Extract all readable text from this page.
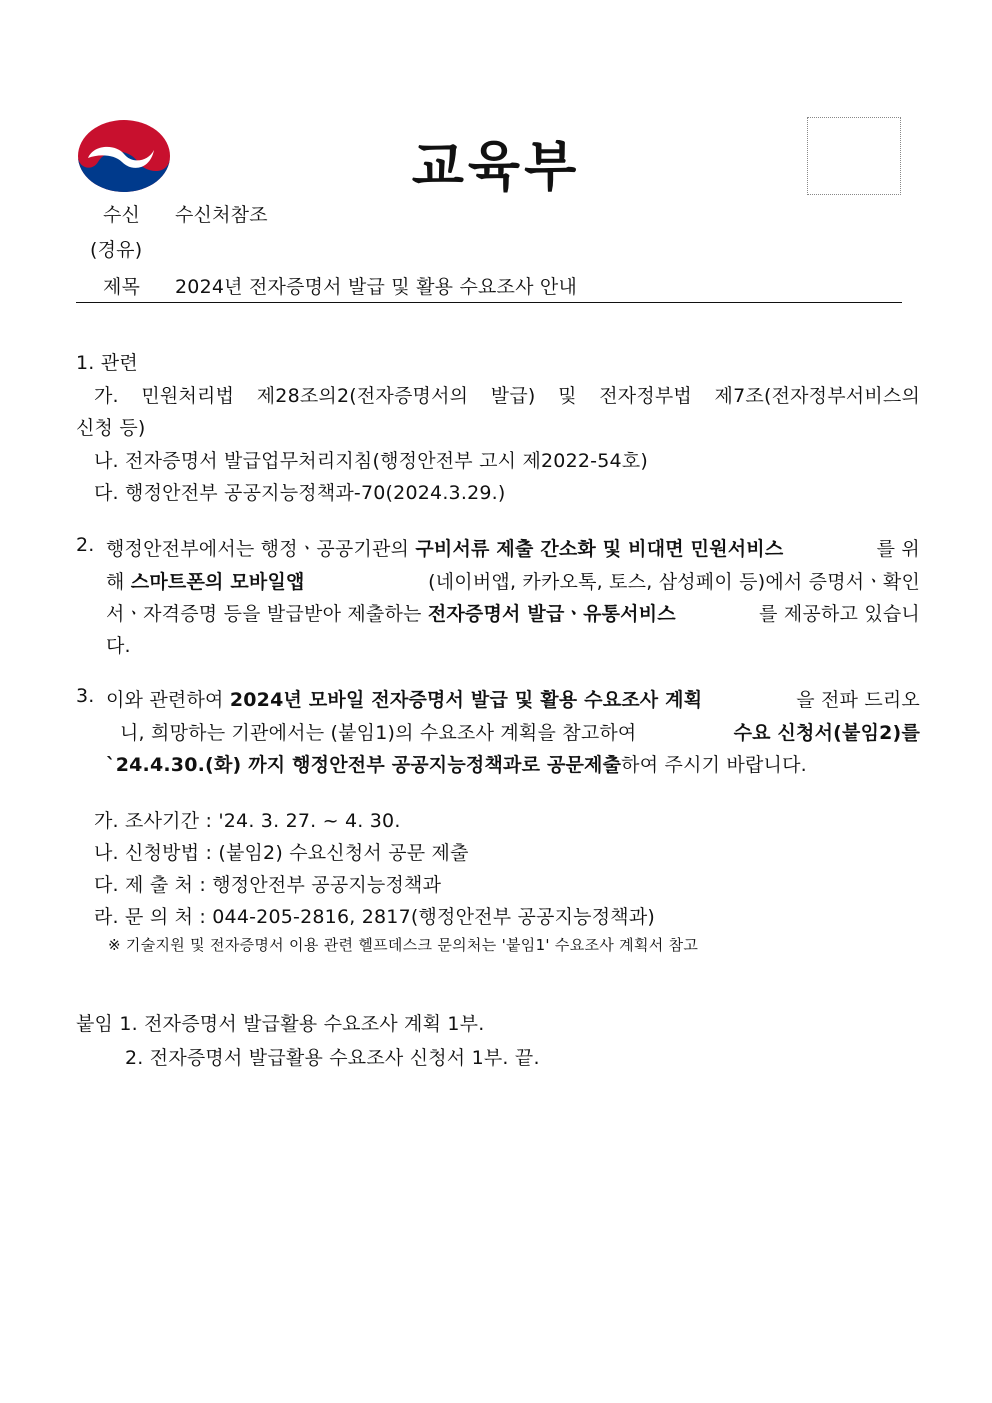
교육부
수신 수신처참조
(경유)
제목 2024년 전자증명서 발급 및 활용 수요조사 안내
1. 관련
가. 민원처리법 제28조의2(전자증명서의 발급) 및 전자정부법 제7조(전자정부서비스의
신청 등)
나. 전자증명서 발급업무처리지침(행정안전부 고시 제2022-54호)
다. 행정안전부 공공지능정책과-70(2024.3.29.)
2. 행정안전부에서는 행정ㆍ공공기관의 구비서류 제출 간소화 및 비대면 민원서비스	를 위
해 스마트폰의 모바일앱	(네이버앱, 카카오톡, 토스, 삼성페이 등)에서 증명서ㆍ확인
서ㆍ자격증명 등을 발급받아 제출하는 전자증명서 발급ㆍ유통서비스	를 제공하고 있습니
다.
3. 이와 관련하여 2024년 모바일 전자증명서 발급 및 활용 수요조사 계획	을 전파 드리오
니, 희망하는 기관에서는 (붙임1)의 수요조사 계획을 참고하여	수요 신청서(붙임2)를
`24.4.30.(화) 까지 행정안전부 공공지능정책과로 공문제출하여 주시기 바랍니다.
가. 조사기간 : '24. 3. 27. ~ 4. 30.
나. 신청방법 : (붙임2) 수요신청서 공문 제출
다. 제 출 처 : 행정안전부 공공지능정책과
라. 문 의 처 : 044-205-2816, 2817(행정안전부 공공지능정책과)
※ 기술지원 및 전자증명서 이용 관련 헬프데스크 문의처는 '붙임1' 수요조사 계획서 참고
붙임 1. 전자증명서 발급활용 수요조사 계획 1부.
2. 전자증명서 발급활용 수요조사 신청서 1부. 끝.
